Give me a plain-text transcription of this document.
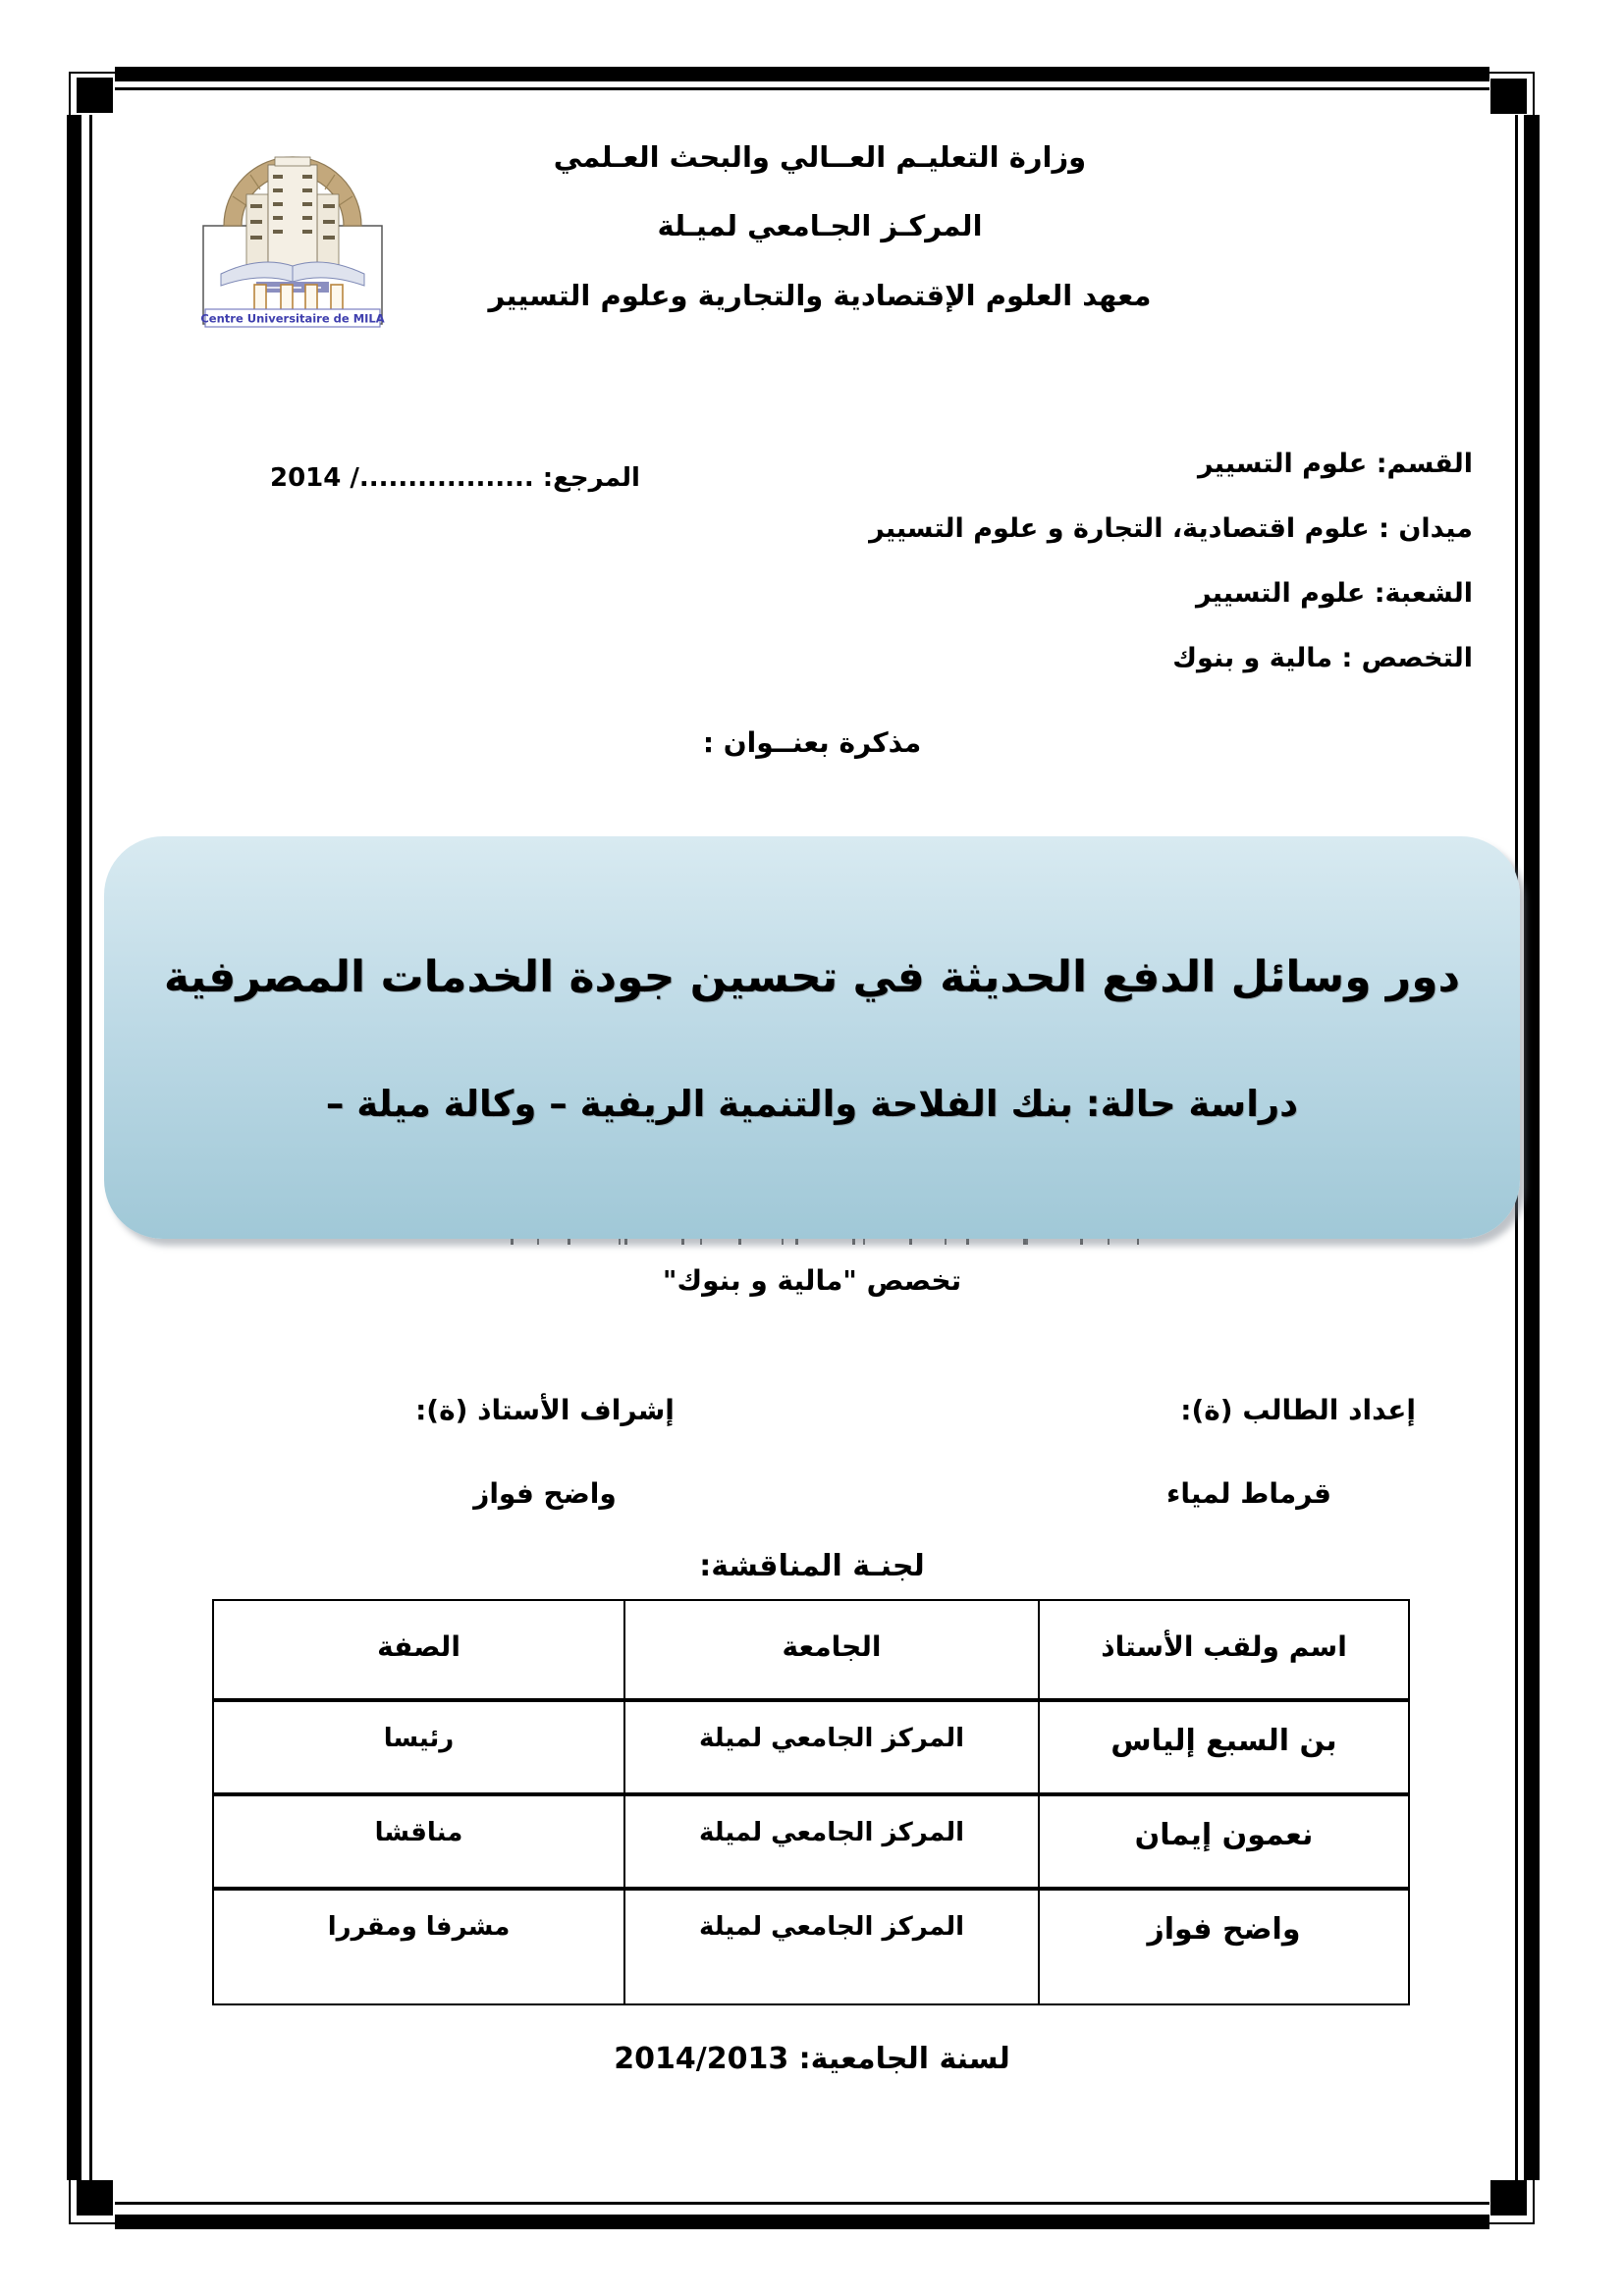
Centre Universitaire de MILA
وزارة التعليـم العــالي والبحث العـلمي
المركـز الجـامعي لميـلة
معهد العلوم الإقتصادية والتجارية وعلوم التسيير
القسم: علوم التسيير
ميدان : علوم اقتصادية، التجارة و علوم التسيير
الشعبة: علوم التسيير
التخصص : مالية و بنوك
المرجع: ................../ 2014
مذكرة بعنــوان :
دور وسائل الدفع الحديثة في تحسين جودة الخدمات المصرفية
دراسة حالة: بنك الفلاحة والتنمية الريفية – وكالة ميلة –
تخصص "مالية و بنوك"
إعداد الطالب (ة):
قرماط لمياء
إشراف الأستاذ (ة):
واضح فواز
لجنـة المناقشة:
اسم ولقب الأستاذ	الجامعة	الصفة
بن السبع إلياس	المركز الجامعي لميلة	رئيسا
نعمون إيمان	المركز الجامعي لميلة	مناقشا
واضح فواز	المركز الجامعي لميلة	مشرفا ومقررا
لسنة الجامعية: 2014/2013
